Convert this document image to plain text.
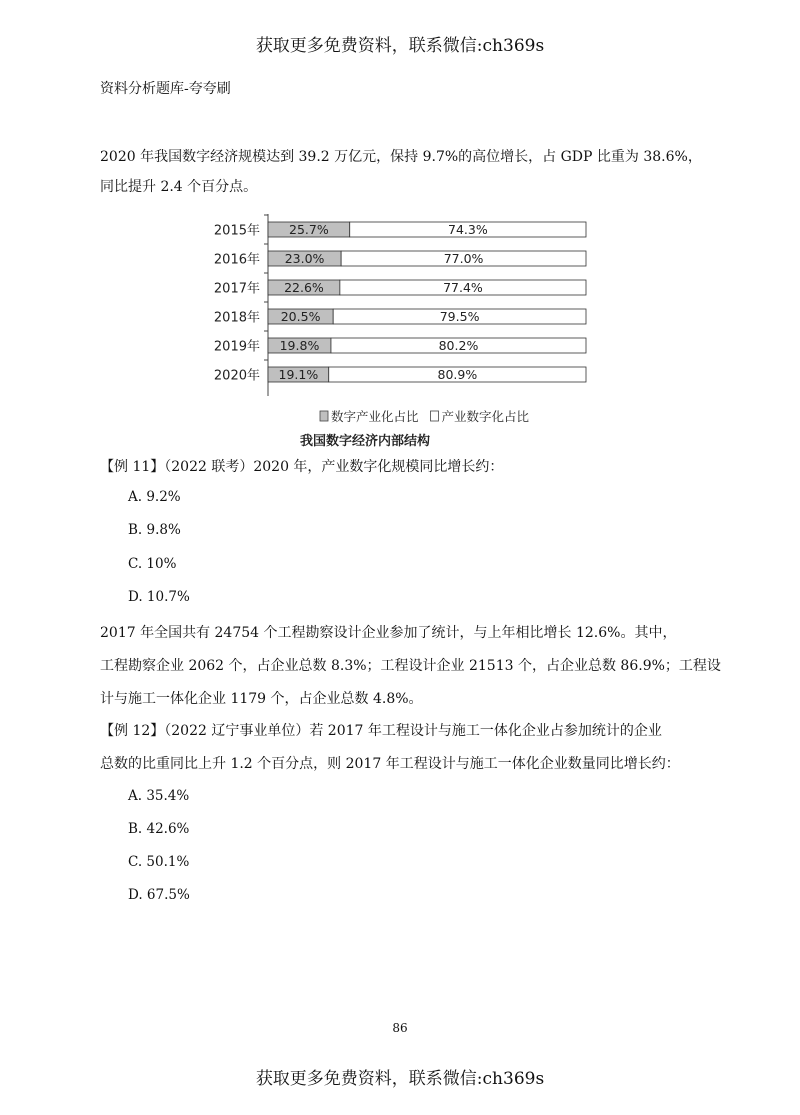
获取更多免费资料，联系微信:ch369s
资料分析题库-夸夸刷
2020 年我国数字经济规模达到 39.2 万亿元，保持 9.7%的高位增长，占 GDP 比重为 38.6%，
同比提升 2.4 个百分点。
2015年 25.7%	74.3%
2016年 23.0%	77.0%
2017年 22.6%	77.4%
2018年 20.5%	79.5%
2019年 19.8%	80.2%
2020年 19.1%	80.9%
数字产业化占比 产业数字化占比
我国数字经济内部结构
【例 11】（2022 联考）2020 年，产业数字化规模同比增长约：
A. 9.2%
B. 9.8%
C. 10%
D. 10.7%
2017 年全国共有 24754 个工程勘察设计企业参加了统计，与上年相比增长 12.6%。其中，
工程勘察企业 2062 个，占企业总数 8.3%；工程设计企业 21513 个，占企业总数 86.9%；工程设
计与施工一体化企业 1179 个，占企业总数 4.8%。
【例 12】（2022 辽宁事业单位）若 2017 年工程设计与施工一体化企业占参加统计的企业
总数的比重同比上升 1.2 个百分点，则 2017 年工程设计与施工一体化企业数量同比增长约：
A. 35.4%
B. 42.6%
C. 50.1%
D. 67.5%
86
获取更多免费资料，联系微信:ch369s
